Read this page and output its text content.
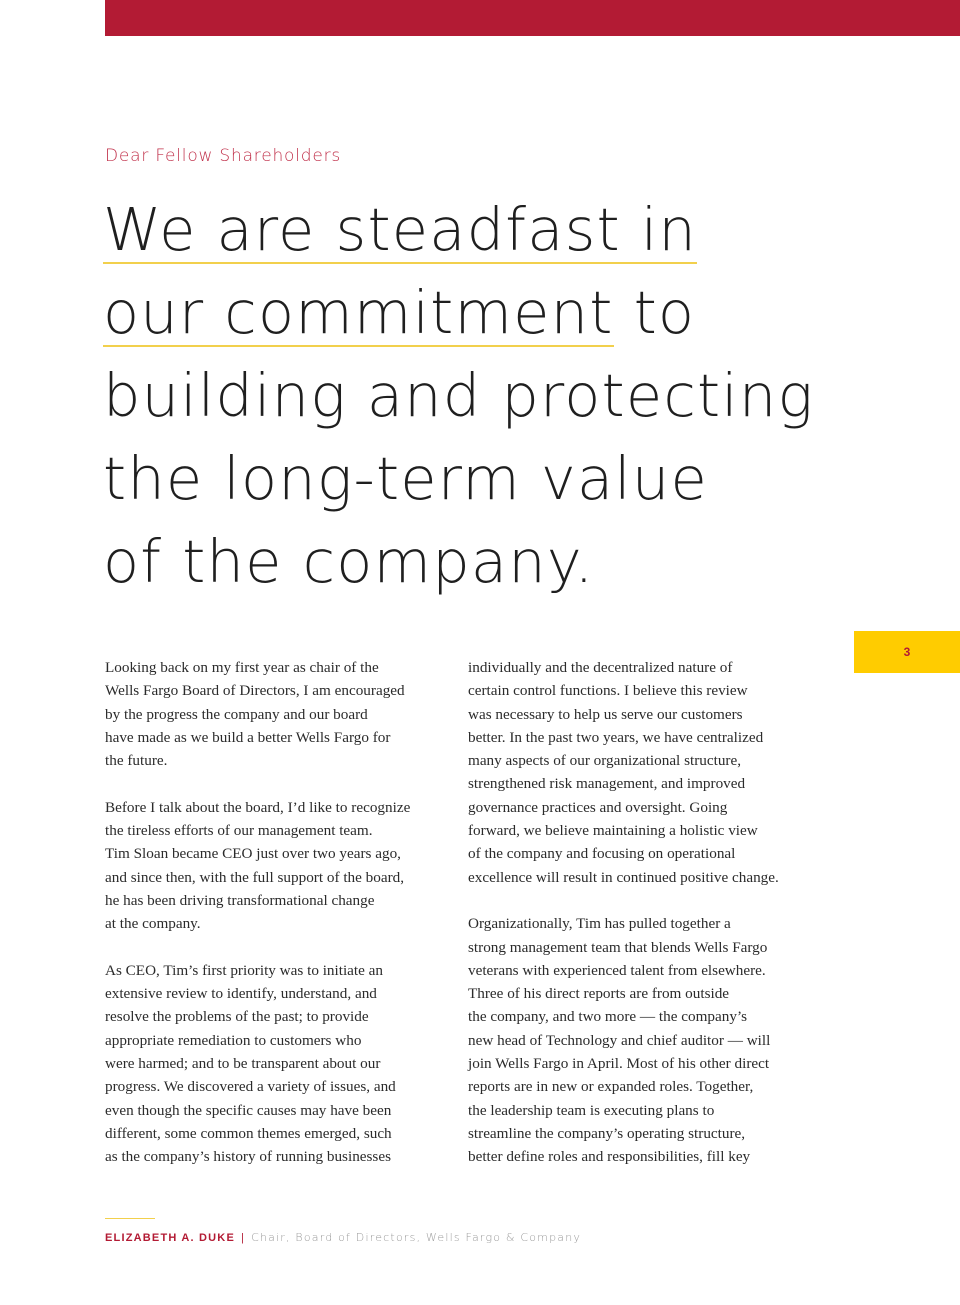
Dear Fellow Shareholders
We are steadfast in
our commitment to
building and protecting
the long-term value
of the company.
3

Looking back on my first year as chair of the
Wells Fargo Board of Directors, I am encouraged
by the progress the company and our board
have made as we build a better Wells Fargo for
the future.

Before I talk about the board, I’d like to recognize
the tireless efforts of our management team.
Tim Sloan became CEO just over two years ago,
and since then, with the full support of the board,
he has been driving transformational change
at the company.

As CEO, Tim’s first priority was to initiate an
extensive review to identify, understand, and
resolve the problems of the past; to provide
appropriate remediation to customers who
were harmed; and to be transparent about our
progress. We discovered a variety of issues, and
even though the specific causes may have been
different, some common themes emerged, such
as the company’s history of running businesses

individually and the decentralized nature of
certain control functions. I believe this review
was necessary to help us serve our customers
better. In the past two years, we have centralized
many aspects of our organizational structure,
strengthened risk management, and improved
governance practices and oversight. Going
forward, we believe maintaining a holistic view
of the company and focusing on operational
excellence will result in continued positive change.

Organizationally, Tim has pulled together a
strong management team that blends Wells Fargo
veterans with experienced talent from elsewhere.
Three of his direct reports are from outside
the company, and two more — the company’s
new head of Technology and chief auditor — will
join Wells Fargo in April. Most of his other direct
reports are in new or expanded roles. Together,
the leadership team is executing plans to
streamline the company’s operating structure,
better define roles and responsibilities, fill key

ELIZABETH A. DUKE | Chair, Board of Directors, Wells Fargo & Company
